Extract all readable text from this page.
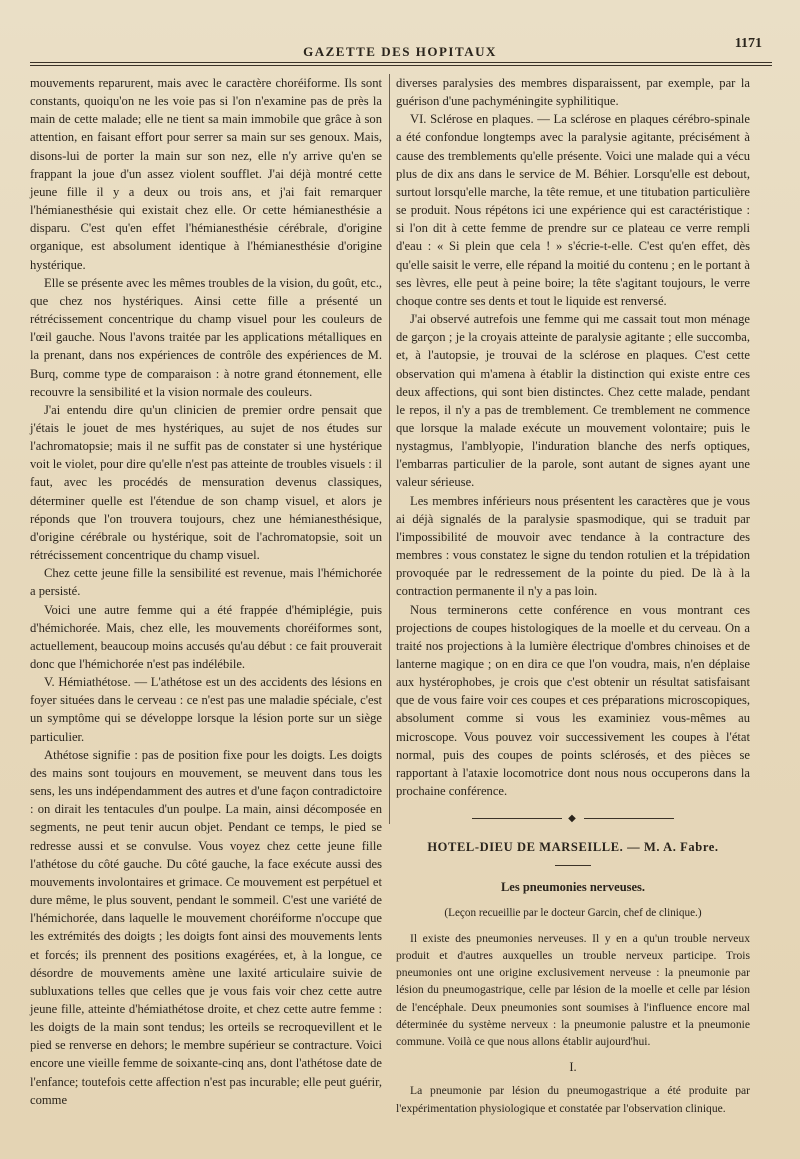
GAZETTE DES HOPITAUX
1171

mouvements reparurent, mais avec le caractère choréiforme. Ils sont constants, quoiqu'on ne les voie pas si l'on n'examine pas de près la main de cette malade; elle ne tient sa main immobile que grâce à son attention, en faisant effort pour serrer sa main sur ses genoux. Mais, disons-lui de porter la main sur son nez, elle n'y arrive qu'en se frappant la joue d'un assez violent soufflet. J'ai déjà montré cette jeune fille il y a deux ou trois ans, et j'ai fait remarquer l'hémianesthésie qui existait chez elle. Or cette hémianesthésie a disparu. C'est qu'en effet l'hémianesthésie cérébrale, d'origine organique, est absolument identique à l'hémianesthésie d'origine hystérique.

Elle se présente avec les mêmes troubles de la vision, du goût, etc., que chez nos hystériques. Ainsi cette fille a présenté un rétrécissement concentrique du champ visuel pour les couleurs de l'œil gauche. Nous l'avons traitée par les applications métalliques en la prenant, dans nos expériences de contrôle des expériences de M. Burq, comme type de comparaison : à notre grand étonnement, elle recouvre la sensibilité et la vision normale des couleurs.

J'ai entendu dire qu'un clinicien de premier ordre pensait que j'étais le jouet de mes hystériques, au sujet de nos études sur l'achromatopsie; mais il ne suffit pas de constater si une hystérique voit le violet, pour dire qu'elle n'est pas atteinte de troubles visuels : il faut, avec les procédés de mensuration devenus classiques, déterminer quelle est l'étendue de son champ visuel, et alors je réponds que l'on trouvera toujours, chez une hémianesthésique, d'origine cérébrale ou hystérique, soit de l'achromatopsie, soit un rétrécissement concentrique du champ visuel.

Chez cette jeune fille la sensibilité est revenue, mais l'hémichorée a persisté.

Voici une autre femme qui a été frappée d'hémiplégie, puis d'hémichorée. Mais, chez elle, les mouvements choréiformes sont, actuellement, beaucoup moins accusés qu'au début : ce fait prouverait donc que l'hémichorée n'est pas indélébile.

V. Hémiathétose. — L'athétose est un des accidents des lésions en foyer situées dans le cerveau : ce n'est pas une maladie spéciale, c'est un symptôme qui se développe lorsque la lésion porte sur un siège particulier.

Athétose signifie : pas de position fixe pour les doigts. Les doigts des mains sont toujours en mouvement, se meuvent dans tous les sens, les uns indépendamment des autres et d'une façon contradictoire : on dirait les tentacules d'un poulpe. La main, ainsi décomposée en segments, ne peut tenir aucun objet. Pendant ce temps, le pied se redresse aussi et se convulse. Vous voyez chez cette jeune fille l'athétose du côté gauche. Du côté gauche, la face exécute aussi des mouvements involontaires et grimace. Ce mouvement est perpétuel et dure même, le plus souvent, pendant le sommeil. C'est une variété de l'hémichorée, dans laquelle le mouvement choréiforme n'occupe que les extrémités des doigts ; les doigts font ainsi des mouvements lents et forcés; ils prennent des positions exagérées, et, à la longue, ce désordre de mouvements amène une laxité articulaire suivie de subluxations telles que celles que je vous fais voir chez cette autre jeune fille, atteinte d'hémiathétose droite, et chez cette autre femme : les doigts de la main sont tendus; les orteils se recroquevillent et le pied se renverse en dehors; le membre supérieur se contracture. Voici encore une vieille femme de soixante-cinq ans, dont l'athétose date de l'enfance; toutefois cette affection n'est pas incurable; elle peut guérir, comme

diverses paralysies des membres disparaissent, par exemple, par la guérison d'une pachyméningite syphilitique.

VI. Sclérose en plaques. — La sclérose en plaques cérébro-spinale a été confondue longtemps avec la paralysie agitante, précisément à cause des tremblements qu'elle présente. Voici une malade qui a vécu plus de dix ans dans le service de M. Béhier. Lorsqu'elle est debout, surtout lorsqu'elle marche, la tête remue, et une titubation particulière se produit. Nous répétons ici une expérience qui est caractéristique : si l'on dit à cette femme de prendre sur ce plateau ce verre rempli d'eau : « Si plein que cela ! » s'écrie-t-elle. C'est qu'en effet, dès qu'elle saisit le verre, elle répand la moitié du contenu ; en le portant à ses lèvres, elle peut à peine boire; la tête s'agitant toujours, le verre choque contre ses dents et tout le liquide est renversé.

J'ai observé autrefois une femme qui me cassait tout mon ménage de garçon ; je la croyais atteinte de paralysie agitante ; elle succomba, et, à l'autopsie, je trouvai de la sclérose en plaques. C'est cette observation qui m'amena à établir la distinction qui existe entre ces deux affections, qui sont bien distinctes. Chez cette malade, pendant le repos, il n'y a pas de tremblement. Ce tremblement ne commence que lorsque la malade exécute un mouvement volontaire; puis le nystagmus, l'amblyopie, l'induration blanche des nerfs optiques, l'embarras particulier de la parole, sont autant de signes ayant une valeur sérieuse.

Les membres inférieurs nous présentent les caractères que je vous ai déjà signalés de la paralysie spasmodique, qui se traduit par l'impossibilité de mouvoir avec tendance à la contracture des membres : vous constatez le signe du tendon rotulien et la trépidation provoquée par le redressement de la pointe du pied. De là à la contraction permanente il n'y a pas loin.

Nous terminerons cette conférence en vous montrant ces projections de coupes histologiques de la moelle et du cerveau. On a traité nos projections à la lumière électrique d'ombres chinoises et de lanterne magique ; on en dira ce que l'on voudra, mais, n'en déplaise aux hystérophobes, je crois que c'est obtenir un résultat satisfaisant que de vous faire voir ces coupes et ces préparations microscopiques, absolument comme si vous les examiniez vous-mêmes au microscope. Vous pouvez voir successivement les coupes à l'état normal, puis des coupes de points sclérosés, et des pièces se rapportant à l'ataxie locomotrice dont nous nous occuperons dans la prochaine conférence.

◆
HOTEL-DIEU DE MARSEILLE. — M. A. Fabre.
Les pneumonies nerveuses.
(Leçon recueillie par le docteur Garcin, chef de clinique.)

Il existe des pneumonies nerveuses. Il y en a qu'un trouble nerveux produit et d'autres auxquelles un trouble nerveux participe. Trois pneumonies ont une origine exclusivement nerveuse : la pneumonie par lésion du pneumogastrique, celle par lésion de la moelle et celle par lésion de l'encéphale. Deux pneumonies sont soumises à l'influence encore mal déterminée du système nerveux : la pneumonie palustre et la pneumonie commune. Voilà ce que nous allons établir aujourd'hui.

I.

La pneumonie par lésion du pneumogastrique a été produite par l'expérimentation physiologique et constatée par l'observation clinique.
